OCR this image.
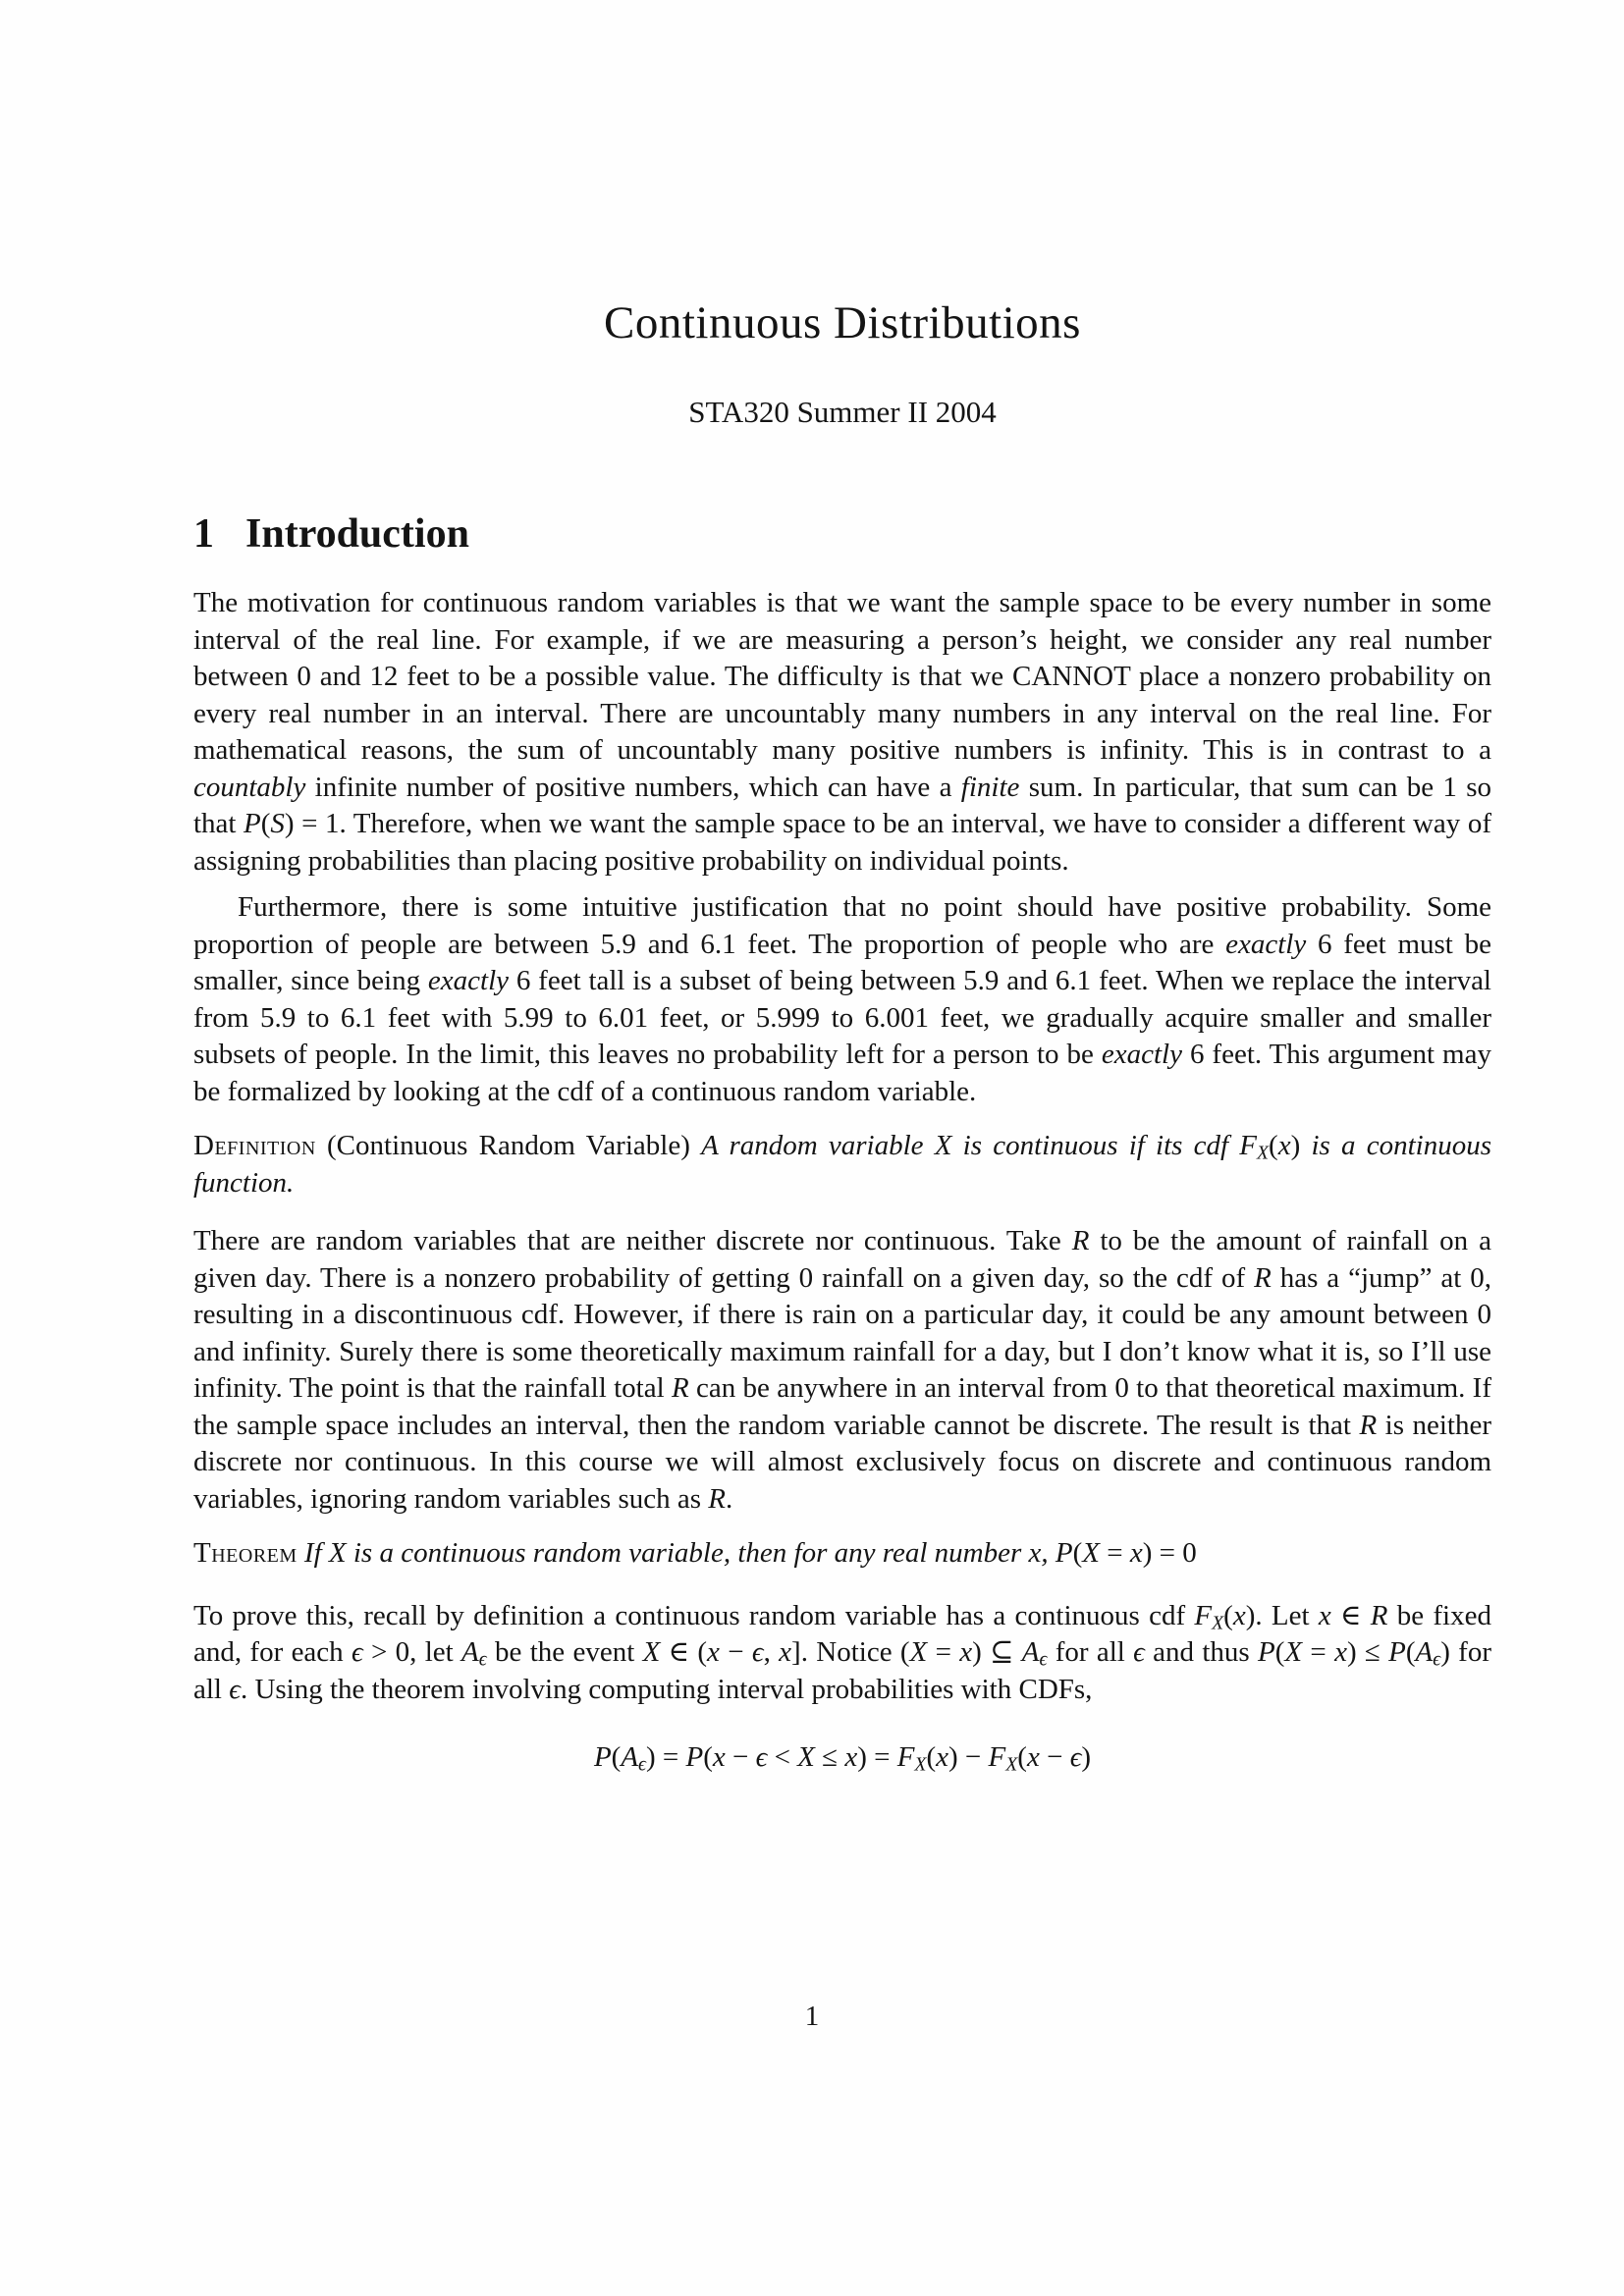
Continuous Distributions
STA320 Summer II 2004
1 Introduction

The motivation for continuous random variables is that we want the sample space to be every number in some interval of the real line. For example, if we are measuring a person’s height, we consider any real number between 0 and 12 feet to be a possible value. The difficulty is that we CANNOT place a nonzero probability on every real number in an interval. There are uncountably many numbers in any interval on the real line. For mathematical reasons, the sum of uncountably many positive numbers is infinity. This is in contrast to a countably infinite number of positive numbers, which can have a finite sum. In particular, that sum can be 1 so that P(S) = 1. Therefore, when we want the sample space to be an interval, we have to consider a different way of assigning probabilities than placing positive probability on individual points.

Furthermore, there is some intuitive justification that no point should have positive probability. Some proportion of people are between 5.9 and 6.1 feet. The proportion of people who are exactly 6 feet must be smaller, since being exactly 6 feet tall is a subset of being between 5.9 and 6.1 feet. When we replace the interval from 5.9 to 6.1 feet with 5.99 to 6.01 feet, or 5.999 to 6.001 feet, we gradually acquire smaller and smaller subsets of people. In the limit, this leaves no probability left for a person to be exactly 6 feet. This argument may be formalized by looking at the cdf of a continuous random variable.

Definition (Continuous Random Variable) A random variable X is continuous if its cdf FX(x) is a continuous function.

There are random variables that are neither discrete nor continuous. Take R to be the amount of rainfall on a given day. There is a nonzero probability of getting 0 rainfall on a given day, so the cdf of R has a “jump” at 0, resulting in a discontinuous cdf. However, if there is rain on a particular day, it could be any amount between 0 and infinity. Surely there is some theoretically maximum rainfall for a day, but I don’t know what it is, so I’ll use infinity. The point is that the rainfall total R can be anywhere in an interval from 0 to that theoretical maximum. If the sample space includes an interval, then the random variable cannot be discrete. The result is that R is neither discrete nor continuous. In this course we will almost exclusively focus on discrete and continuous random variables, ignoring random variables such as R.

Theorem If X is a continuous random variable, then for any real number x, P(X = x) = 0

To prove this, recall by definition a continuous random variable has a continuous cdf FX(x). Let x ∈ R be fixed and, for each ϵ > 0, let Aϵ be the event X ∈ (x − ϵ, x]. Notice (X = x) ⊆ Aϵ for all ϵ and thus P(X = x) ≤ P(Aϵ) for all ϵ. Using the theorem involving computing interval probabilities with CDFs,

P(Aϵ) = P(x − ϵ < X ≤ x) = FX(x) − FX(x − ϵ)
1
